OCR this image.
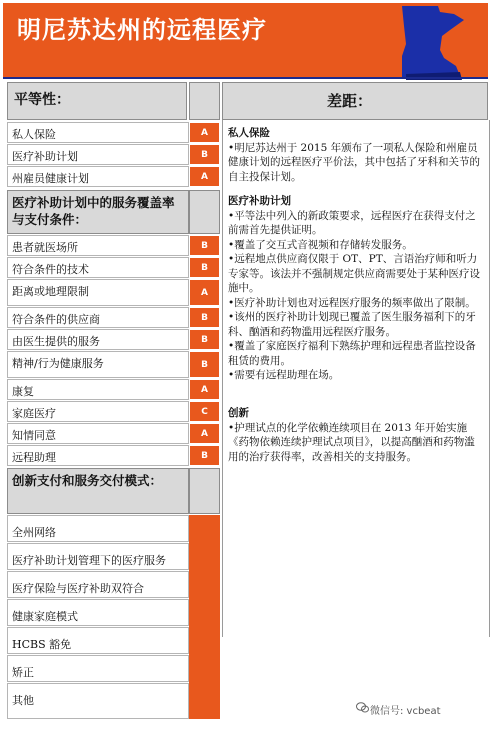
明尼苏达州的远程医疗
平等性：	差距：
私人保险	A
医疗补助计划	B
州雇员健康计划	A
医疗补助计划中的服务覆盖率与支付条件：
患者就医场所	B
符合条件的技术	B
距离或地理限制	A
符合条件的供应商	B
由医生提供的服务	B
精神/行为健康服务	B
康复	A
家庭医疗	C
知情同意	A
远程助理	B
创新支付和服务交付模式：
全州网络
医疗补助计划管理下的医疗服务
医疗保险与医疗补助双符合
健康家庭模式
HCBS 豁免
矫正
其他
私人保险

•明尼苏达州于 2015 年颁布了一项私人保险和州雇员健康计划的远程医疗平价法，其中包括了牙科和关节的自主投保计划。

医疗补助计划

•平等法中列入的新政策要求，远程医疗在获得支付之前需首先提供证明。

•覆盖了交互式音视频和存储转发服务。

•远程地点供应商仅限于 OT、PT、言语治疗师和听力专家等。该法并不强制规定供应商需要处于某种医疗设施中。

•医疗补助计划也对远程医疗服务的频率做出了限制。

•该州的医疗补助计划现已覆盖了医生服务福利下的牙科、酗酒和药物滥用远程医疗服务。

•覆盖了家庭医疗福利下熟练护理和远程患者监控设备租赁的费用。

•需要有远程助理在场。

创新

•护理试点的化学依赖连续项目在 2013 年开始实施《药物依赖连续护理试点项目》，以提高酗酒和药物滥用的治疗获得率，改善相关的支持服务。

微信号: vcbeat
